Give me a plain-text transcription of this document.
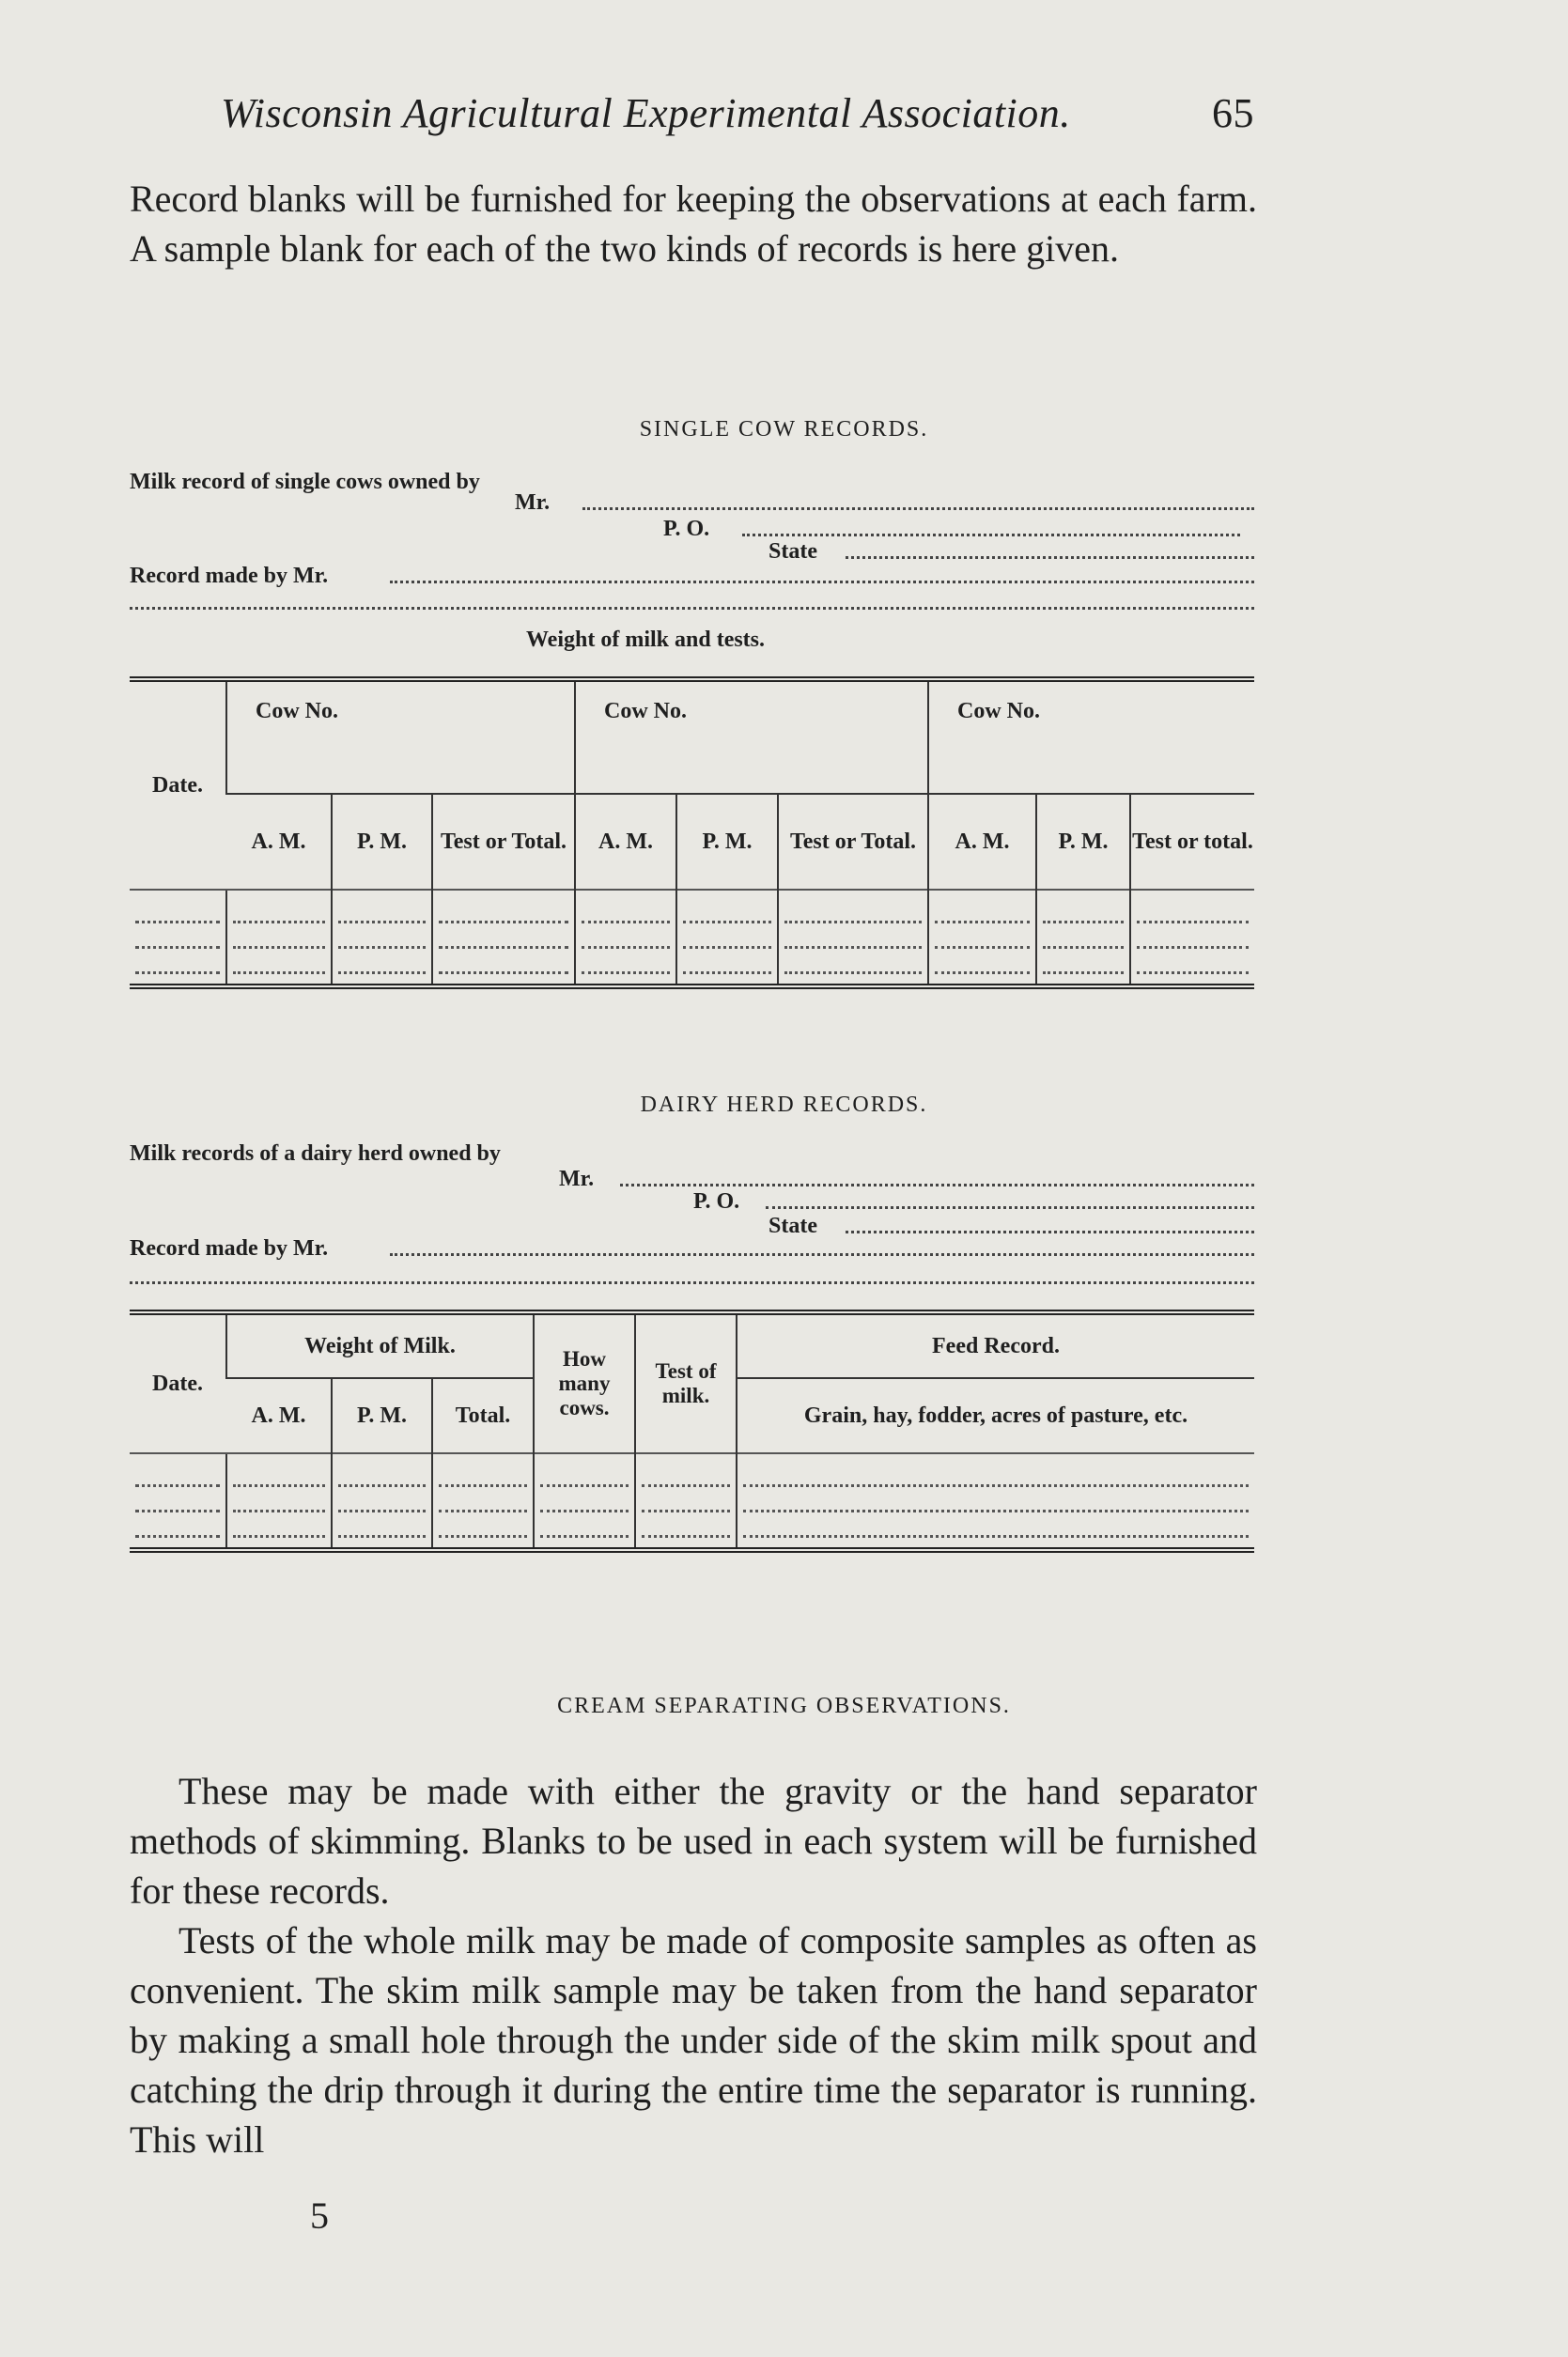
Wisconsin Agricultural Experimental Association.	65

Record blanks will be furnished for keeping the observations at each farm. A sample blank for each of the two kinds of records is here given.

SINGLE COW RECORDS.
Milk record of single cows owned by
Mr.
P. O.
State
Record made by Mr.
Weight of milk and tests.
Date.	Cow No.			Cow No.			Cow No.		
	A. M.	P. M.	Test or Total.	A. M.	P. M.	Test or Total.	A. M.	P. M.	Test or total.

DAIRY HERD RECORDS.
Milk records of a dairy herd owned by
Mr.
P. O.
State
Record made by Mr.
Date.	Weight of Milk.			How many cows.	Test of milk.	Feed Record.
	A. M.	P. M.	Total.			Grain, hay, fodder, acres of pasture, etc.

CREAM SEPARATING OBSERVATIONS.

These may be made with either the gravity or the hand separator methods of skimming. Blanks to be used in each system will be furnished for these records.

Tests of the whole milk may be made of composite samples as often as convenient. The skim milk sample may be taken from the hand separator by making a small hole through the under side of the skim milk spout and catching the drip through it during the entire time the separator is running. This will

5
